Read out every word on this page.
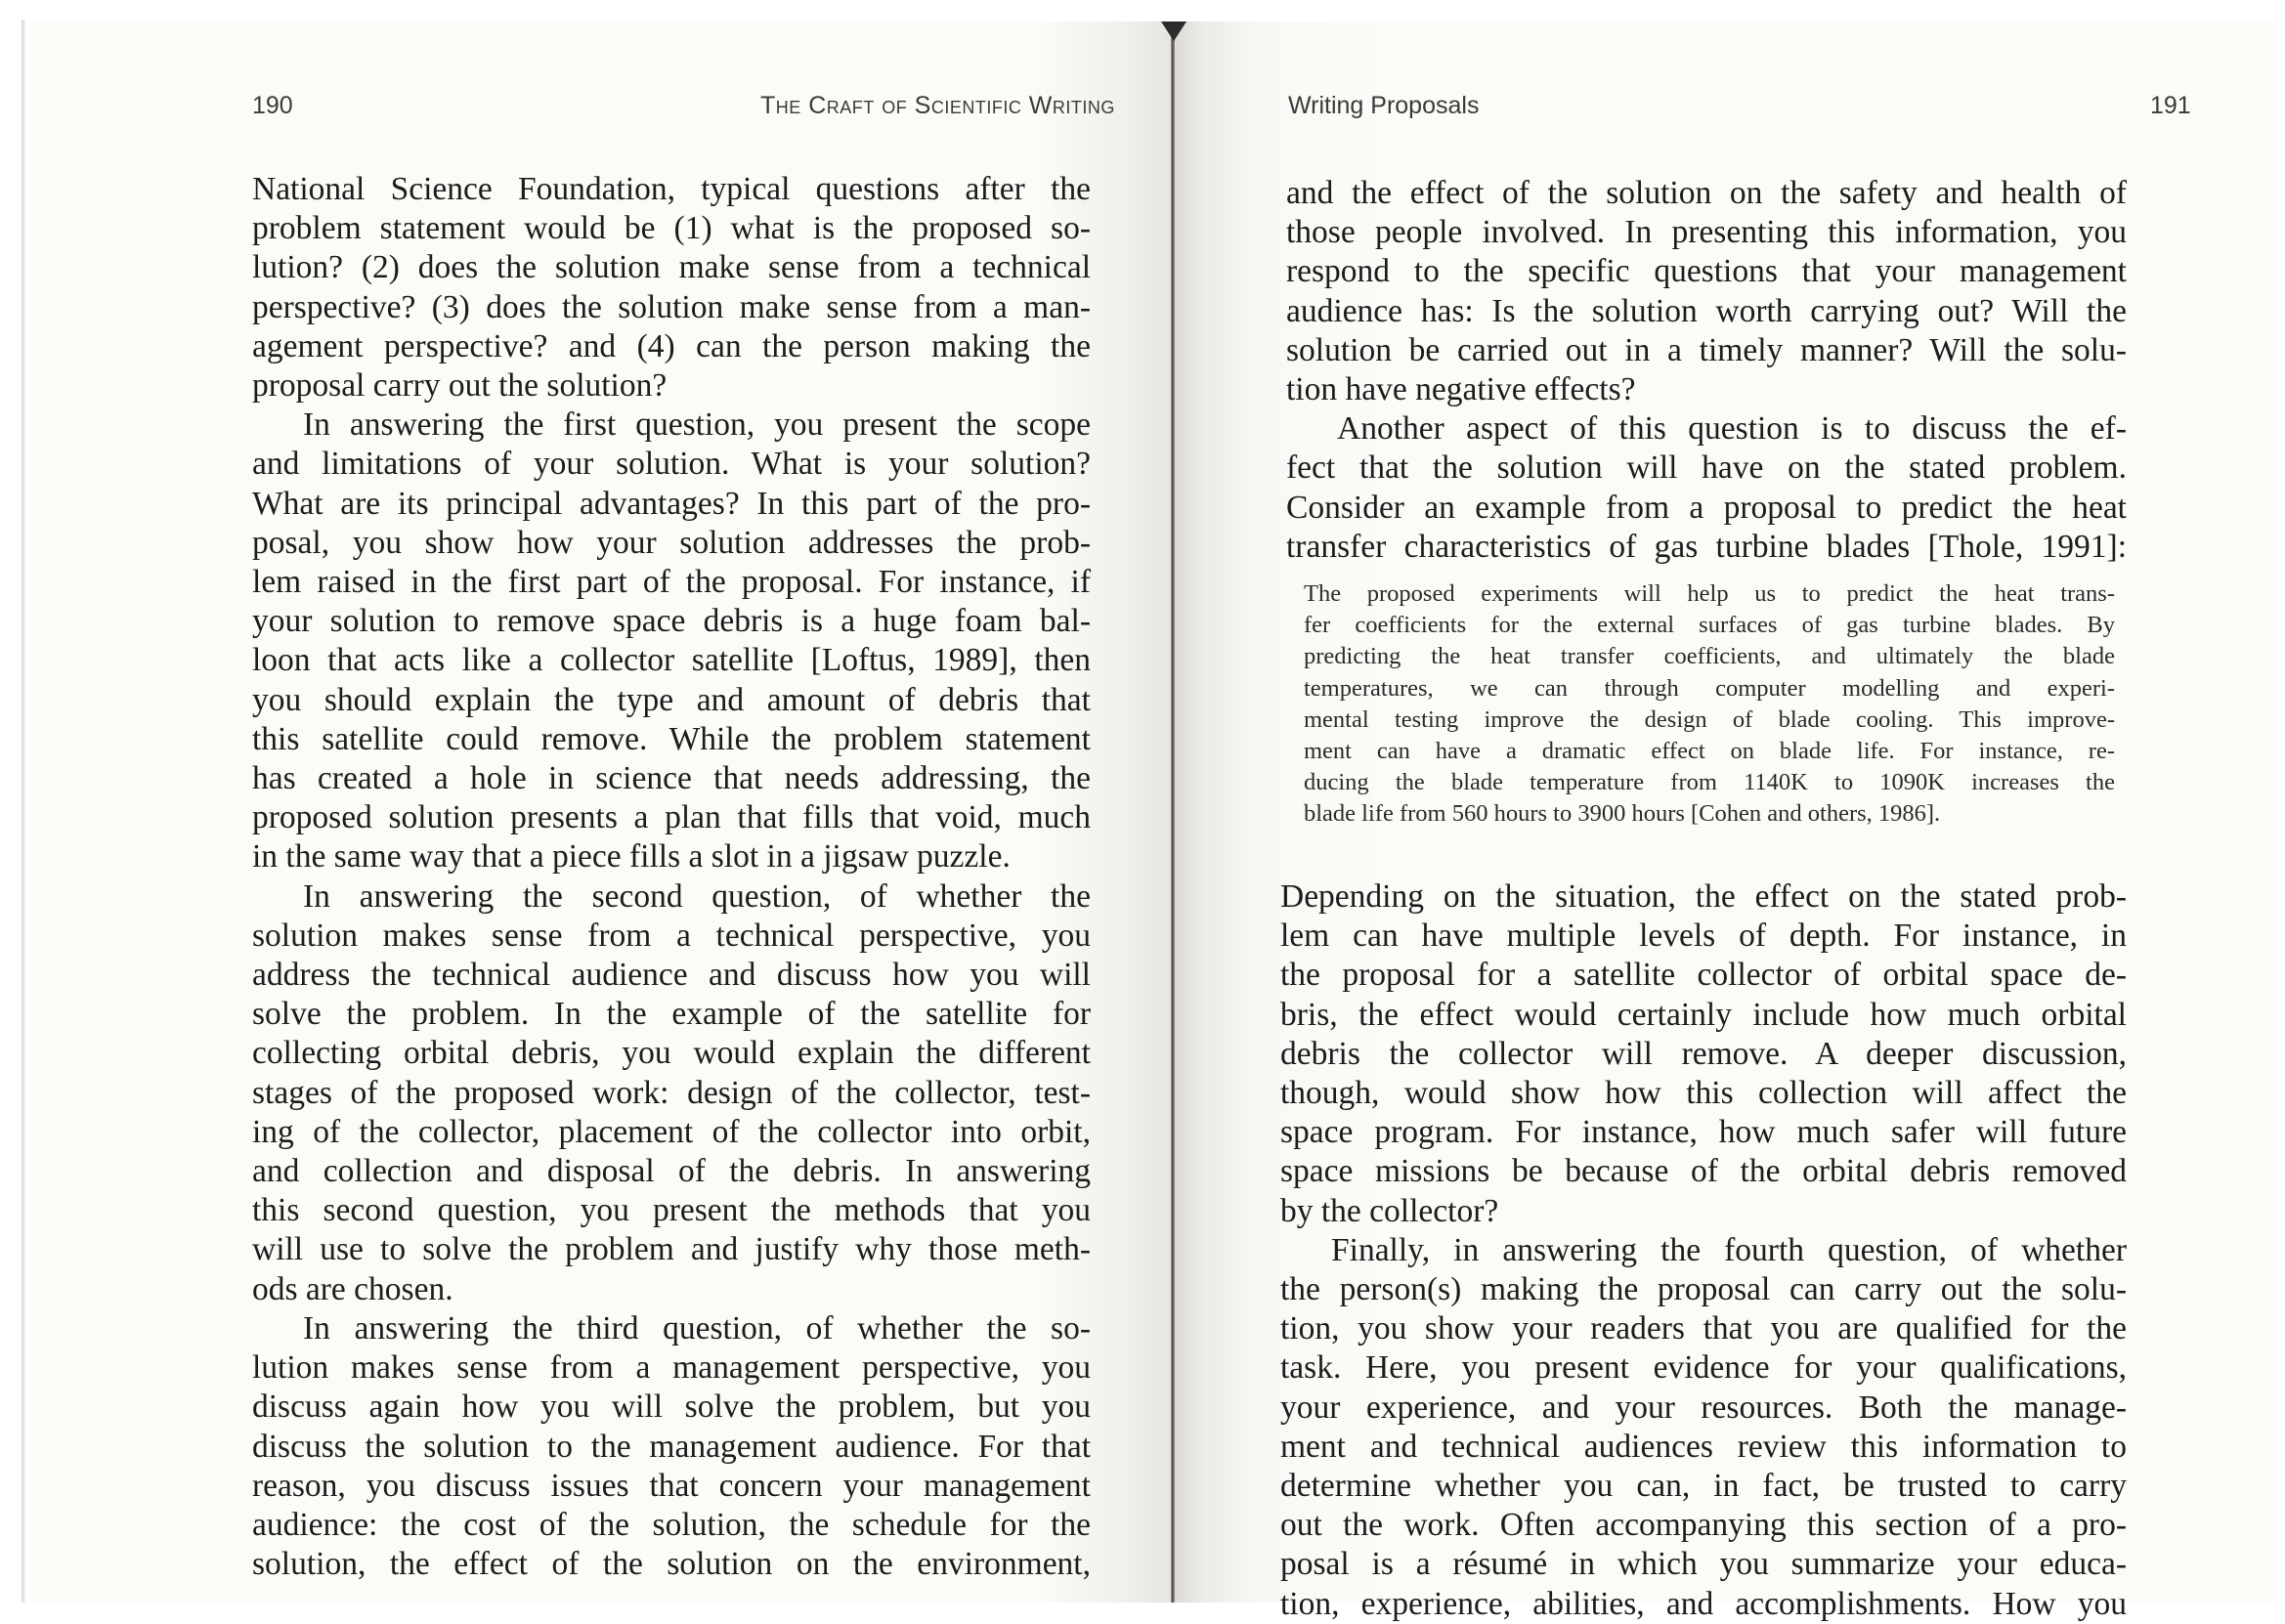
190	The Craft of Scientific Writing
National Science Foundation, typical questions after the
problem statement would be (1) what is the proposed so-
lution? (2) does the solution make sense from a technical
perspective? (3) does the solution make sense from a man-
agement perspective? and (4) can the person making the
proposal carry out the solution?
In answering the first question, you present the scope
and limitations of your solution. What is your solution?
What are its principal advantages? In this part of the pro-
posal, you show how your solution addresses the prob-
lem raised in the first part of the proposal. For instance, if
your solution to remove space debris is a huge foam bal-
loon that acts like a collector satellite [Loftus, 1989], then
you should explain the type and amount of debris that
this satellite could remove. While the problem statement
has created a hole in science that needs addressing, the
proposed solution presents a plan that fills that void, much
in the same way that a piece fills a slot in a jigsaw puzzle.
In answering the second question, of whether the
solution makes sense from a technical perspective, you
address the technical audience and discuss how you will
solve the problem. In the example of the satellite for
collecting orbital debris, you would explain the different
stages of the proposed work: design of the collector, test-
ing of the collector, placement of the collector into orbit,
and collection and disposal of the debris. In answering
this second question, you present the methods that you
will use to solve the problem and justify why those meth-
ods are chosen.
In answering the third question, of whether the so-
lution makes sense from a management perspective, you
discuss again how you will solve the problem, but you
discuss the solution to the management audience. For that
reason, you discuss issues that concern your management
audience: the cost of the solution, the schedule for the
solution, the effect of the solution on the environment,
Writing Proposals	191
and the effect of the solution on the safety and health of
those people involved. In presenting this information, you
respond to the specific questions that your management
audience has: Is the solution worth carrying out? Will the
solution be carried out in a timely manner? Will the solu-
tion have negative effects?
Another aspect of this question is to discuss the ef-
fect that the solution will have on the stated problem.
Consider an example from a proposal to predict the heat
transfer characteristics of gas turbine blades [Thole, 1991]:
The proposed experiments will help us to predict the heat trans-
fer coefficients for the external surfaces of gas turbine blades. By
predicting the heat transfer coefficients, and ultimately the blade
temperatures, we can through computer modelling and experi-
mental testing improve the design of blade cooling. This improve-
ment can have a dramatic effect on blade life. For instance, re-
ducing the blade temperature from 1140K to 1090K increases the
blade life from 560 hours to 3900 hours [Cohen and others, 1986].
Depending on the situation, the effect on the stated prob-
lem can have multiple levels of depth. For instance, in
the proposal for a satellite collector of orbital space de-
bris, the effect would certainly include how much orbital
debris the collector will remove. A deeper discussion,
though, would show how this collection will affect the
space program. For instance, how much safer will future
space missions be because of the orbital debris removed
by the collector?
Finally, in answering the fourth question, of whether
the person(s) making the proposal can carry out the solu-
tion, you show your readers that you are qualified for the
task. Here, you present evidence for your qualifications,
your experience, and your resources. Both the manage-
ment and technical audiences review this information to
determine whether you can, in fact, be trusted to carry
out the work. Often accompanying this section of a pro-
posal is a résumé in which you summarize your educa-
tion, experience, abilities, and accomplishments. How you
